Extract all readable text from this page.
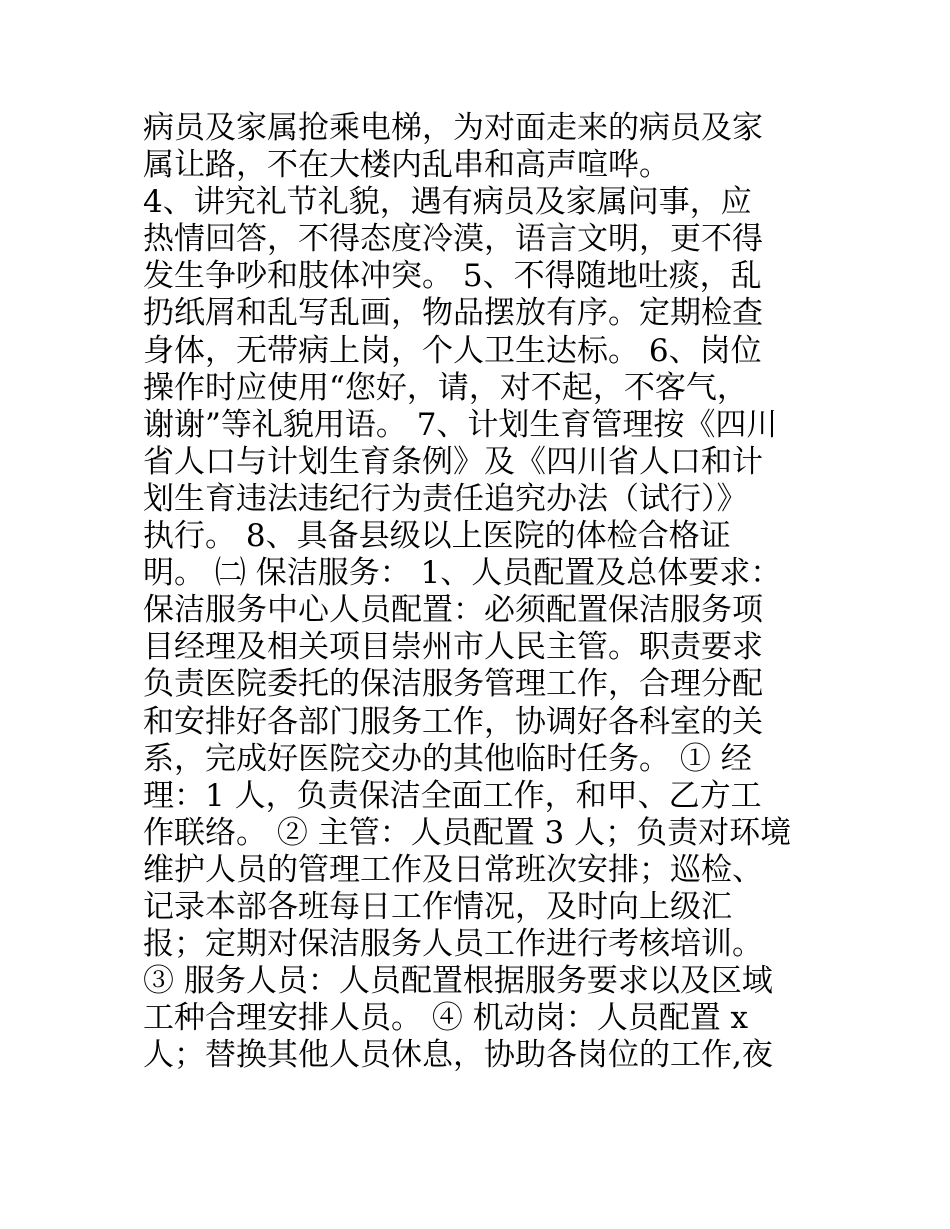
病员及家属抢乘电梯，为对面走来的病员及家
属让路，不在大楼内乱串和高声喧哗。
4、讲究礼节礼貌，遇有病员及家属问事，应
热情回答，不得态度冷漠，语言文明，更不得
发生争吵和肢体冲突。 5、不得随地吐痰，乱
扔纸屑和乱写乱画，物品摆放有序。定期检查
身体，无带病上岗，个人卫生达标。 6、岗位
操作时应使用“您好，请，对不起，不客气，
谢谢”等礼貌用语。 7、计划生育管理按《四川
省人口与计划生育条例》及《四川省人口和计
划生育违法违纪行为责任追究办法（试行）》
执行。 8、具备县级以上医院的体检合格证
明。 ㈡ 保洁服务： 1、人员配置及总体要求：
保洁服务中心人员配置：必须配置保洁服务项
目经理及相关项目崇州市人民主管。职责要求
负责医院委托的保洁服务管理工作，合理分配
和安排好各部门服务工作，协调好各科室的关
系，完成好医院交办的其他临时任务。 ① 经
理：1 人，负责保洁全面工作，和甲、乙方工
作联络。 ② 主管：人员配置 3 人；负责对环境
维护人员的管理工作及日常班次安排；巡检、
记录本部各班每日工作情况，及时向上级汇
报；定期对保洁服务人员工作进行考核培训。
③ 服务人员：人员配置根据服务要求以及区域
工种合理安排人员。 ④ 机动岗：人员配置 x
人；替换其他人员休息，协助各岗位的工作,夜
